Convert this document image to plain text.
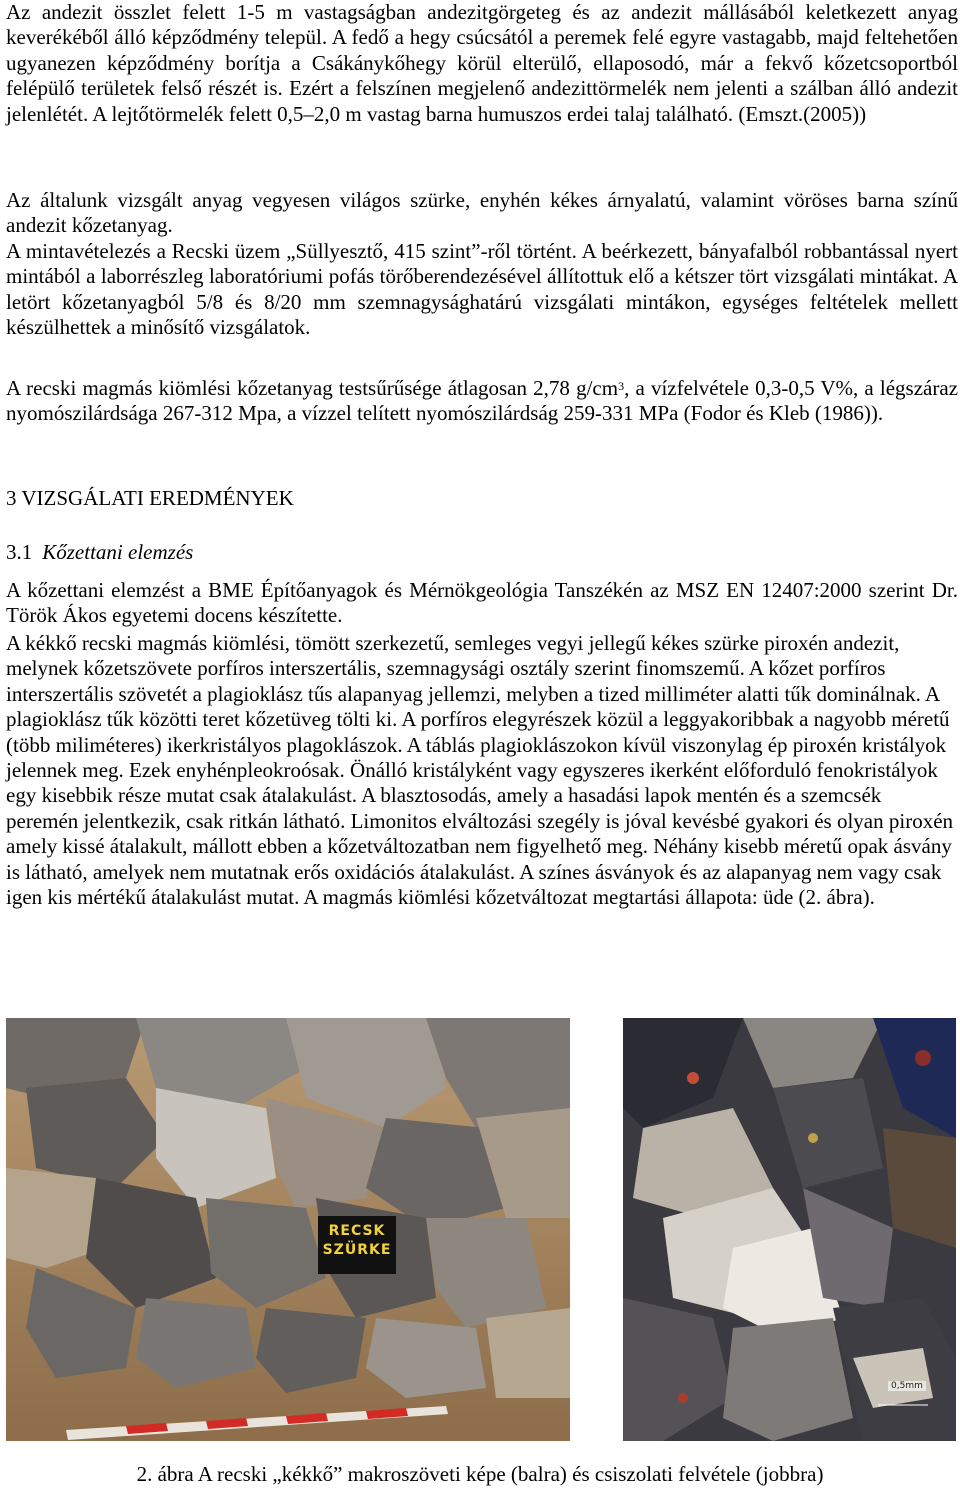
Az andezit összlet felett 1-5 m vastagságban andezitgörgeteg és az andezit mállásából keletkezett anyag keverékéből álló képződmény települ. A fedő a hegy csúcsától a peremek felé egyre vastagabb, majd feltehetően ugyanezen képződmény borítja a Csákánykőhegy körül elterülő, ellaposodó, már a fekvő kőzetcsoportból felépülő területek felső részét is. Ezért a felszínen megjelenő andezittörmelék nem jelenti a szálban álló andezit jelenlétét. A lejtőtörmelék felett 0,5–2,0 m vastag barna humuszos erdei talaj található. (Emszt.(2005))

Az általunk vizsgált anyag vegyesen világos szürke, enyhén kékes árnyalatú, valamint vöröses barna színű andezit kőzetanyag.

A mintavételezés a Recski üzem „Süllyesztő, 415 szint”-ről történt. A beérkezett, bányafalból robbantással nyert mintából a laborrészleg laboratóriumi pofás törőberendezésével állítottuk elő a kétszer tört vizsgálati mintákat. A letört kőzetanyagból 5/8 és 8/20 mm szemnagysághatárú vizsgálati mintákon, egységes feltételek mellett készülhettek a minősítő vizsgálatok.

A recski magmás kiömlési kőzetanyag testsűrűsége átlagosan 2,78 $g/cm^3$, a vízfelvétele 0,3-0,5 V%, a légszáraz nyomószilárdsága 267-312 Mpa, a vízzel telített nyomószilárdság 259-331 MPa (Fodor és Kleb (1986)).

3 VIZSGÁLATI EREDMÉNYEK
3.1 Kőzettani elemzés

A kőzettani elemzést a BME Építőanyagok és Mérnökgeológia Tanszékén az MSZ EN 12407:2000 szerint Dr. Török Ákos egyetemi docens készítette.

A kékkő recski magmás kiömlési, tömött szerkezetű, semleges vegyi jellegű kékes szürke piroxén andezit, melynek kőzetszövete porfíros interszertális, szemnagysági osztály szerint finomszemű. A kőzet porfíros interszertális szövetét a plagioklász tűs alapanyag jellemzi, melyben a tized milliméter alatti tűk dominálnak. A plagioklász tűk közötti teret kőzetüveg tölti ki. A porfíros elegyrészek közül a leggyakoribbak a nagyobb méretű (több miliméteres) ikerkristályos plagoklászok. A táblás plagioklászokon kívül viszonylag ép piroxén kristályok jelennek meg. Ezek enyhénpleokroósak. Önálló kristályként vagy egyszeres ikerként előforduló fenokristályok egy kisebbik része mutat csak átalakulást. A blasztosodás, amely a hasadási lapok mentén és a szemcsék peremén jelentkezik, csak ritkán látható. Limonitos elváltozási szegély is jóval kevésbé gyakori és olyan piroxén amely kissé átalakult, mállott ebben a kőzetváltozatban nem figyelhető meg. Néhány kisebb méretű opak ásvány is látható, amelyek nem mutatnak erős oxidációs átalakulást. A színes ásványok és az alapanyag nem vagy csak igen kis mértékű átalakulást mutat. A magmás kiömlési kőzetváltozat megtartási állapota: üde (2. ábra).

RECSK
SZÜRKE
0,5mm
2. ábra A recski „kékkő” makroszöveti képe (balra) és csiszolati felvétele (jobbra)
